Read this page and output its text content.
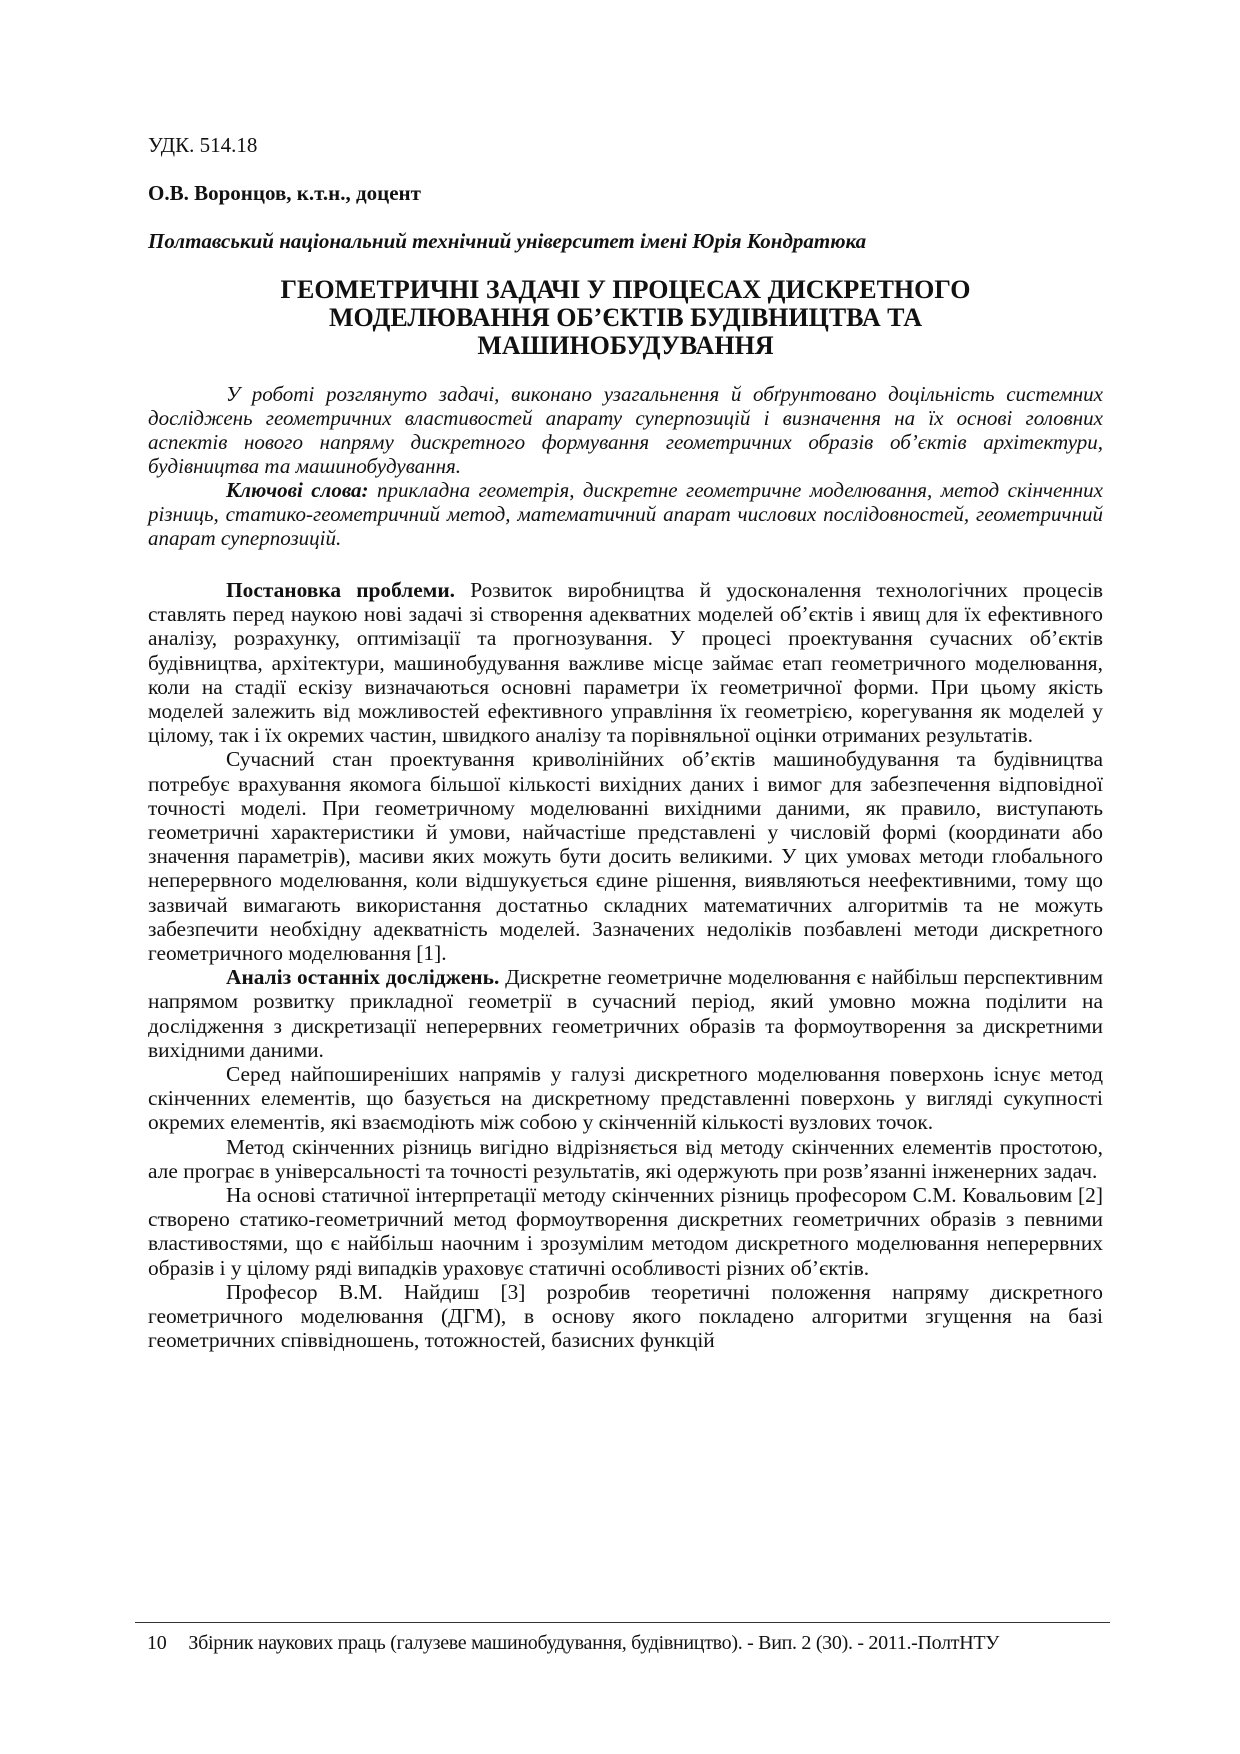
УДК. 514.18
О.В. Воронцов, к.т.н., доцент
Полтавський національний технічний університет імені Юрія Кондратюка
ГЕОМЕТРИЧНІ ЗАДАЧІ У ПРОЦЕСАХ ДИСКРЕТНОГО МОДЕЛЮВАННЯ ОБ’ЄКТІВ БУДІВНИЦТВА ТА МАШИНОБУДУВАННЯ

У роботі розглянуто задачі, виконано узагальнення й обґрунтовано доцільність системних досліджень геометричних властивостей апарату суперпозицій і визначення на їх основі головних аспектів нового напряму дискретного формування геометричних образів об’єктів архітектури, будівництва та машинобудування.

Ключові слова: прикладна геометрія, дискретне геометричне моделювання, метод скінченних різниць, статико-геометричний метод, математичний апарат числових послідовностей, геометричний апарат суперпозицій.

Постановка проблеми. Розвиток виробництва й удосконалення технологічних процесів ставлять перед наукою нові задачі зі створення адекватних моделей об’єктів і явищ для їх ефективного аналізу, розрахунку, оптимізації та прогнозування. У процесі проектування сучасних об’єктів будівництва, архітектури, машинобудування важливе місце займає етап геометричного моделювання, коли на стадії ескізу визначаються основні параметри їх геометричної форми. При цьому якість моделей залежить від можливостей ефективного управління їх геометрією, корегування як моделей у цілому, так і їх окремих частин, швидкого аналізу та порівняльної оцінки отриманих результатів.

Сучасний стан проектування криволінійних об’єктів машинобудування та будівництва потребує врахування якомога більшої кількості вихідних даних і вимог для забезпечення відповідної точності моделі. При геометричному моделюванні вихідними даними, як правило, виступають геометричні характеристики й умови, найчастіше представлені у числовій формі (координати або значення параметрів), масиви яких можуть бути досить великими. У цих умовах методи глобального неперервного моделювання, коли відшукується єдине рішення, виявляються неефективними, тому що зазвичай вимагають використання достатньо складних математичних алгоритмів та не можуть забезпечити необхідну адекватність моделей. Зазначених недоліків позбавлені методи дискретного геометричного моделювання [1].

Аналіз останніх досліджень. Дискретне геометричне моделювання є найбільш перспективним напрямом розвитку прикладної геометрії в сучасний період, який умовно можна поділити на дослідження з дискретизації неперервних геометричних образів та формоутворення за дискретними вихідними даними.

Серед найпоширеніших напрямів у галузі дискретного моделювання поверхонь існує метод скінченних елементів, що базується на дискретному представленні поверхонь у вигляді сукупності окремих елементів, які взаємодіють між собою у скінченній кількості вузлових точок.

Метод скінченних різниць вигідно відрізняється від методу скінченних елементів простотою, але програє в універсальності та точності результатів, які одержують при розв’язанні інженерних задач.

На основі статичної інтерпретації методу скінченних різниць професором С.М. Ковальовим [2] створено статико-геометричний метод формоутворення дискретних геометричних образів з певними властивостями, що є найбільш наочним і зрозумілим методом дискретного моделювання неперервних образів і у цілому ряді випадків ураховує статичні особливості різних об’єктів.

Професор В.М. Найдиш [3] розробив теоретичні положення напряму дискретного геометричного моделювання (ДГМ), в основу якого покладено алгоритми згущення на базі геометричних співвідношень, тотожностей, базисних функцій

10 Збірник наукових праць (галузеве машинобудування, будівництво). - Вип. 2 (30). - 2011.-ПолтНТУ
